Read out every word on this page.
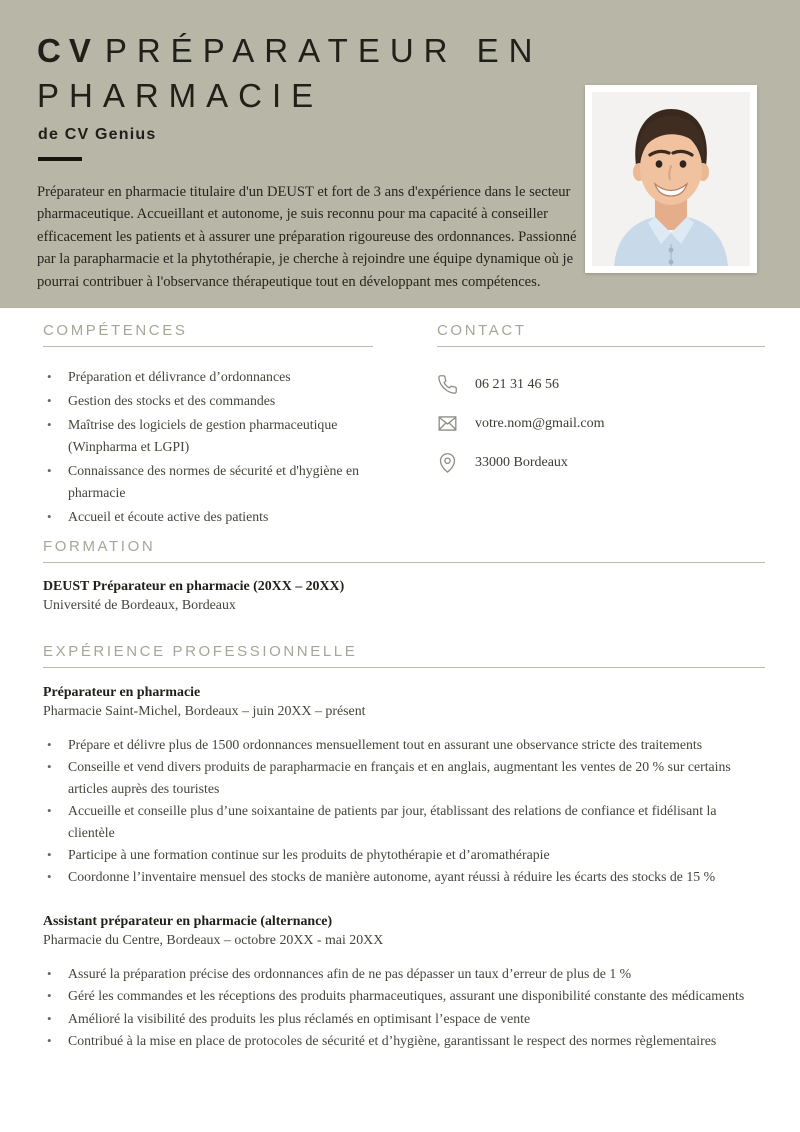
CV PRÉPARATEUR EN
PHARMACIE
de CV Genius
Préparateur en pharmacie titulaire d'un DEUST et fort de 3 ans d'expérience dans le secteur pharmaceutique. Accueillant et autonome, je suis reconnu pour ma capacité à conseiller efficacement les patients et à assurer une préparation rigoureuse des ordonnances. Passionné par la parapharmacie et la phytothérapie, je cherche à rejoindre une équipe dynamique où je pourrai contribuer à l'observance thérapeutique tout en développant mes compétences.
COMPÉTENCES
• Préparation et délivrance d’ordonnances
• Gestion des stocks et des commandes
• Maîtrise des logiciels de gestion pharmaceutique (Winpharma et LGPI)
• Connaissance des normes de sécurité et d'hygiène en pharmacie
• Accueil et écoute active des patients
CONTACT
06 21 31 46 56
votre.nom@gmail.com
33000 Bordeaux
FORMATION
DEUST Préparateur en pharmacie (20XX – 20XX)
Université de Bordeaux, Bordeaux
EXPÉRIENCE PROFESSIONNELLE
Préparateur en pharmacie
Pharmacie Saint-Michel, Bordeaux – juin 20XX – présent
• Prépare et délivre plus de 1500 ordonnances mensuellement tout en assurant une observance stricte des traitements
• Conseille et vend divers produits de parapharmacie en français et en anglais, augmentant les ventes de 20 % sur certains articles auprès des touristes
• Accueille et conseille plus d’une soixantaine de patients par jour, établissant des relations de confiance et fidélisant la clientèle
• Participe à une formation continue sur les produits de phytothérapie et d’aromathérapie
• Coordonne l’inventaire mensuel des stocks de manière autonome, ayant réussi à réduire les écarts des stocks de 15 %
Assistant préparateur en pharmacie (alternance)
Pharmacie du Centre, Bordeaux – octobre 20XX - mai 20XX
• Assuré la préparation précise des ordonnances afin de ne pas dépasser un taux d’erreur de plus de 1 %
• Géré les commandes et les réceptions des produits pharmaceutiques, assurant une disponibilité constante des médicaments
• Amélioré la visibilité des produits les plus réclamés en optimisant l’espace de vente
• Contribué à la mise en place de protocoles de sécurité et d’hygiène, garantissant le respect des normes règlementaires
